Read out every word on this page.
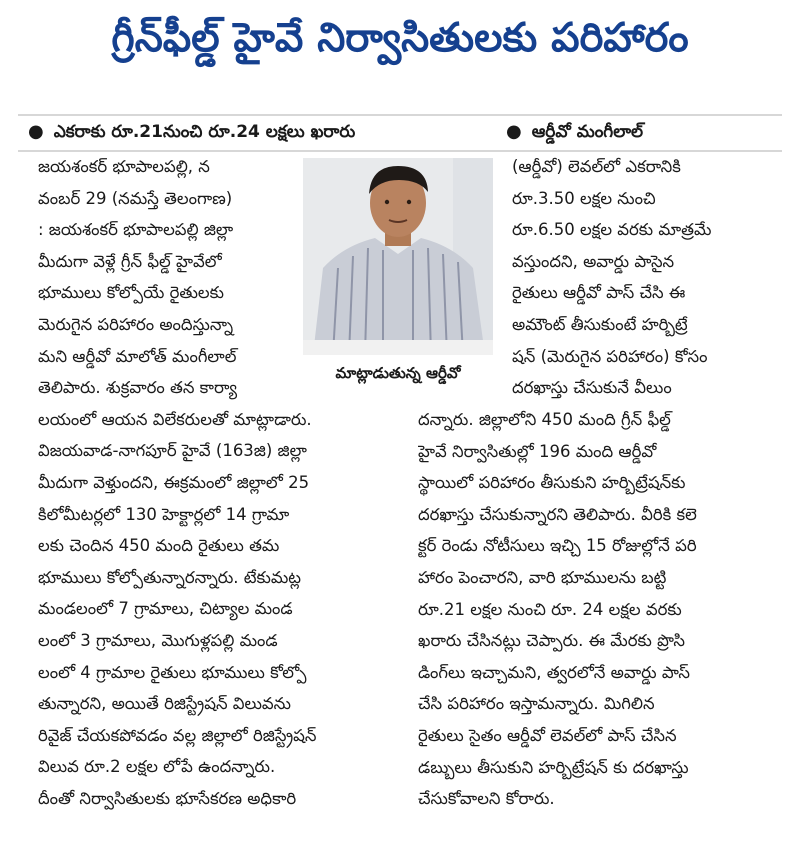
గ్రీన్‌ఫీల్డ్ హైవే నిర్వాసితులకు పరిహారం
● ఎకరాకు రూ.21నుంచి రూ.24 లక్షలు ఖరారు	● ఆర్డీవో మంగీలాల్
మాట్లాడుతున్న ఆర్డీవో
జయశంకర్ భూపాలపల్లి, న
వంబర్ 29 (నమస్తే తెలంగాణ)
: జయశంకర్ భూపాలపల్లి జిల్లా
మీదుగా వెళ్లే గ్రీన్ ఫీల్డ్ హైవేలో
భూములు కోల్పోయే రైతులకు
మెరుగైన పరిహారం అందిస్తున్నా
మని ఆర్డీవో మాలోత్ మంగీలాల్
తెలిపారు. శుక్రవారం తన కార్యా
లయంలో ఆయన విలేకరులతో మాట్లాడారు.
విజయవాడ-నాగపూర్ హైవే (163జి) జిల్లా
మీదుగా వెళ్తుందని, ఈక్రమంలో జిల్లాలో 25
కిలోమీటర్లలో 130 హెక్టార్లలో 14 గ్రామా
లకు చెందిన 450 మంది రైతులు తమ
భూములు కోల్పోతున్నారన్నారు. టేకుమట్ల
మండలంలో 7 గ్రామాలు, చిట్యాల మండ
లంలో 3 గ్రామాలు, మొగుళ్లపల్లి మండ
లంలో 4 గ్రామాల రైతులు భూములు కోల్పో
తున్నారని, అయితే రిజిస్ట్రేషన్ విలువను
రివైజ్ చేయకపోవడం వల్ల జిల్లాలో రిజిస్ట్రేషన్
విలువ రూ.2 లక్షల లోపే ఉందన్నారు.
దీంతో నిర్వాసితులకు భూసేకరణ అధికారి
(ఆర్డీవో) లెవల్‌లో ఎకరానికి
రూ.3.50 లక్షల నుంచి
రూ.6.50 లక్షల వరకు మాత్రమే
వస్తుందని, అవార్డు పాసైన
రైతులు ఆర్డీవో పాస్ చేసి ఈ
అమౌంట్ తీసుకుంటే హర్బిట్రే
షన్ (మెరుగైన పరిహారం) కోసం
దరఖాస్తు చేసుకునే వీలుం
దన్నారు. జిల్లాలోని 450 మంది గ్రీన్ ఫీల్డ్
హైవే నిర్వాసితుల్లో 196 మంది ఆర్డీవో
స్థాయిలో పరిహారం తీసుకుని హర్బిట్రేషన్‌కు
దరఖాస్తు చేసుకున్నారని తెలిపారు. వీరికి కలె
క్టర్ రెండు నోటీసులు ఇచ్చి 15 రోజుల్లోనే పరి
హారం పెంచారని, వారి భూములను బట్టి
రూ.21 లక్షల నుంచి రూ. 24 లక్షల వరకు
ఖరారు చేసినట్లు చెప్పారు. ఈ మేరకు ప్రొసి
డింగ్‌లు ఇచ్చామని, త్వరలోనే అవార్డు పాస్
చేసి పరిహారం ఇస్తామన్నారు. మిగిలిన
రైతులు సైతం ఆర్డీవో లెవల్‌లో పాస్ చేసిన
డబ్బులు తీసుకుని హర్బిట్రేషన్ కు దరఖాస్తు
చేసుకోవాలని కోరారు.
